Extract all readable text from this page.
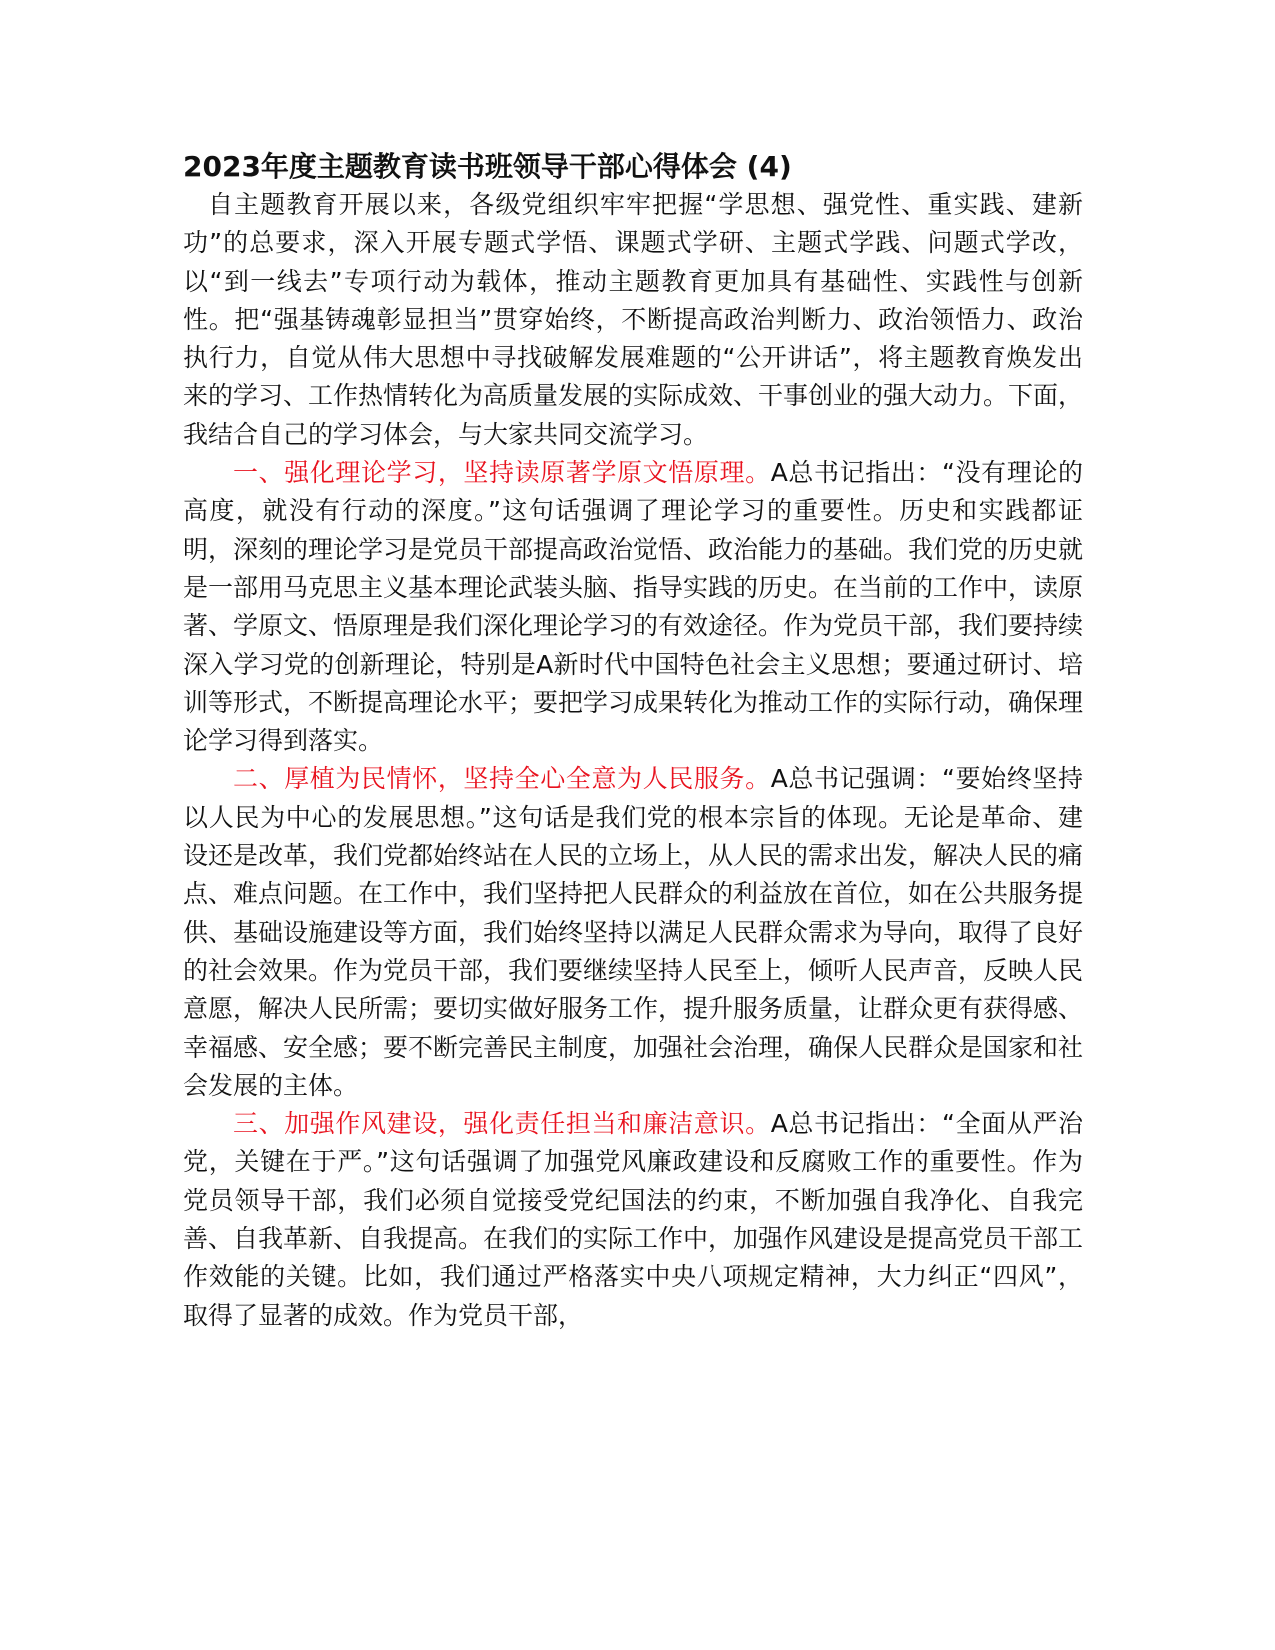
2023年度主题教育读书班领导干部心得体会 (4)

自主题教育开展以来，各级党组织牢牢把握“学思想、强党性、重实践、建新功”的总要求，深入开展专题式学悟、课题式学研、主题式学践、问题式学改，以“到一线去”专项行动为载体，推动主题教育更加具有基础性、实践性与创新性。把“强基铸魂彰显担当”贯穿始终，不断提高政治判断力、政治领悟力、政治执行力，自觉从伟大思想中寻找破解发展难题的“公开讲话”，将主题教育焕发出来的学习、工作热情转化为高质量发展的实际成效、干事创业的强大动力。下面，我结合自己的学习体会，与大家共同交流学习。

一、强化理论学习，坚持读原著学原文悟原理。A总书记指出：“没有理论的高度，就没有行动的深度。”这句话强调了理论学习的重要性。历史和实践都证明，深刻的理论学习是党员干部提高政治觉悟、政治能力的基础。我们党的历史就是一部用马克思主义基本理论武装头脑、指导实践的历史。在当前的工作中，读原著、学原文、悟原理是我们深化理论学习的有效途径。作为党员干部，我们要持续深入学习党的创新理论，特别是A新时代中国特色社会主义思想；要通过研讨、培训等形式，不断提高理论水平；要把学习成果转化为推动工作的实际行动，确保理论学习得到落实。

二、厚植为民情怀，坚持全心全意为人民服务。A总书记强调：“要始终坚持以人民为中心的发展思想。”这句话是我们党的根本宗旨的体现。无论是革命、建设还是改革，我们党都始终站在人民的立场上，从人民的需求出发，解决人民的痛点、难点问题。在工作中，我们坚持把人民群众的利益放在首位，如在公共服务提供、基础设施建设等方面，我们始终坚持以满足人民群众需求为导向，取得了良好的社会效果。作为党员干部，我们要继续坚持人民至上，倾听人民声音，反映人民意愿，解决人民所需；要切实做好服务工作，提升服务质量，让群众更有获得感、幸福感、安全感；要不断完善民主制度，加强社会治理，确保人民群众是国家和社会发展的主体。

三、加强作风建设，强化责任担当和廉洁意识。A总书记指出：“全面从严治党，关键在于严。”这句话强调了加强党风廉政建设和反腐败工作的重要性。作为党员领导干部，我们必须自觉接受党纪国法的约束，不断加强自我净化、自我完善、自我革新、自我提高。在我们的实际工作中，加强作风建设是提高党员干部工作效能的关键。比如，我们通过严格落实中央八项规定精神，大力纠正“四风”，取得了显著的成效。作为党员干部，
